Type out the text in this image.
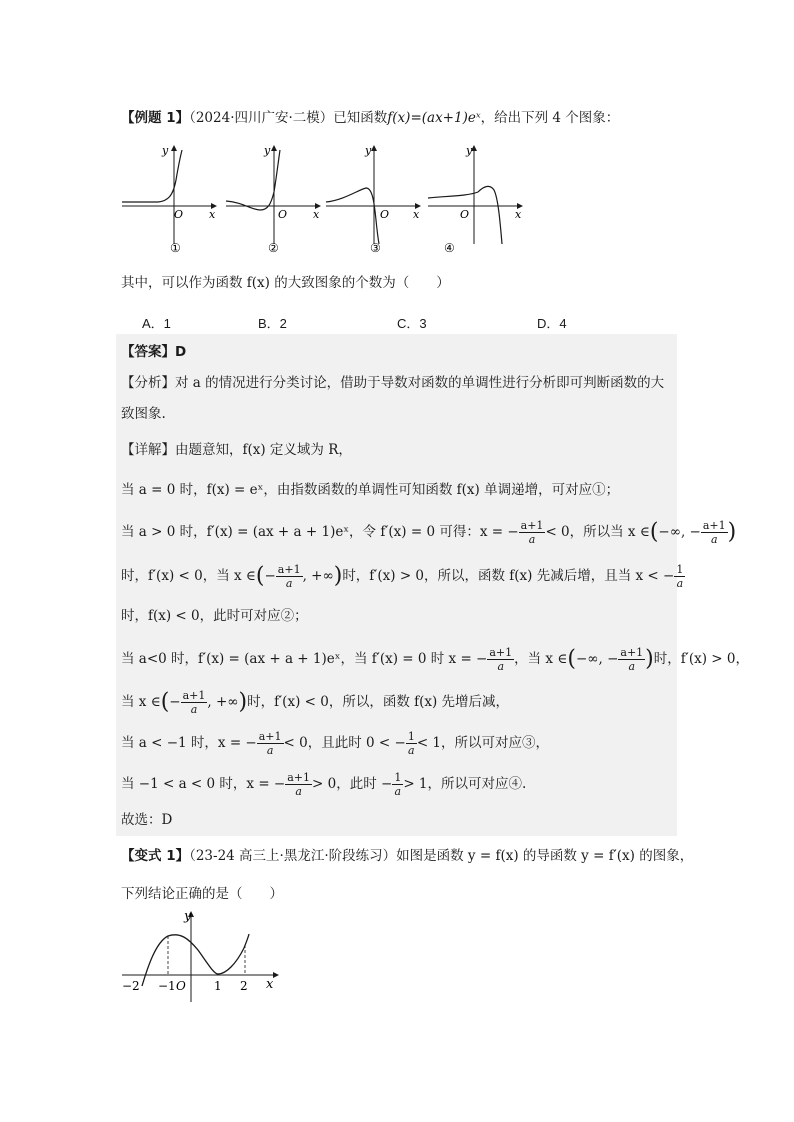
【例题 1】（2024·四川广安·二模）已知函数f(x)=(ax+1)eˣ，给出下列 4 个图象：
y
x
O
①
y
x
O
②
y
x
O
③
y
x
O
④
其中，可以作为函数 f(x) 的大致图象的个数为（　　）
A．1	B．2	C．3	D．4
【答案】D
【分析】对 a 的情况进行分类讨论，借助于导数对函数的单调性进行分析即可判断函数的大
致图象.
【详解】由题意知，f(x) 定义域为 R，
当 a = 0 时，f(x) = eˣ，由指数函数的单调性可知函数 f(x) 单调递增，可对应①；
当 a > 0 时，f′(x) = (ax + a + 1)eˣ，令 f′(x) = 0 可得：x = − $\frac{a+1}{a} < 0$，所以当 x ∈(−∞, − $\frac{a+1}{a}$ )
时，f′(x) < 0，当 x ∈(− $\frac{a+1}{a}$ , +∞)时，f′(x) > 0，所以，函数 f(x) 先减后增，且当 x < − $\frac{1}{a}$
时，f(x) < 0，此时可对应②；
当 a<0 时，f′(x) = (ax + a + 1)eˣ，当 f′(x) = 0 时 x = − $\frac{a+1}{a}$ ，当 x ∈(−∞, − $\frac{a+1}{a}$ )时，f′(x) > 0，
当 x ∈(− $\frac{a+1}{a}$ , +∞)时，f′(x) < 0，所以，函数 f(x) 先增后减，
当 a < −1 时，x = − $\frac{a+1}{a} < 0$，且此时 0 < − $\frac{1}{a} < 1$，所以可对应③，
当 −1 < a < 0 时，x = − $\frac{a+1}{a} > 0$，此时 − $\frac{1}{a} > 1$，所以可对应④.
故选：D
【变式 1】（23-24 高三上·黑龙江·阶段练习）如图是函数 y = f(x) 的导函数 y = f′(x) 的图象，
下列结论正确的是（　　）
y
x
−2 −1 O 1 2
